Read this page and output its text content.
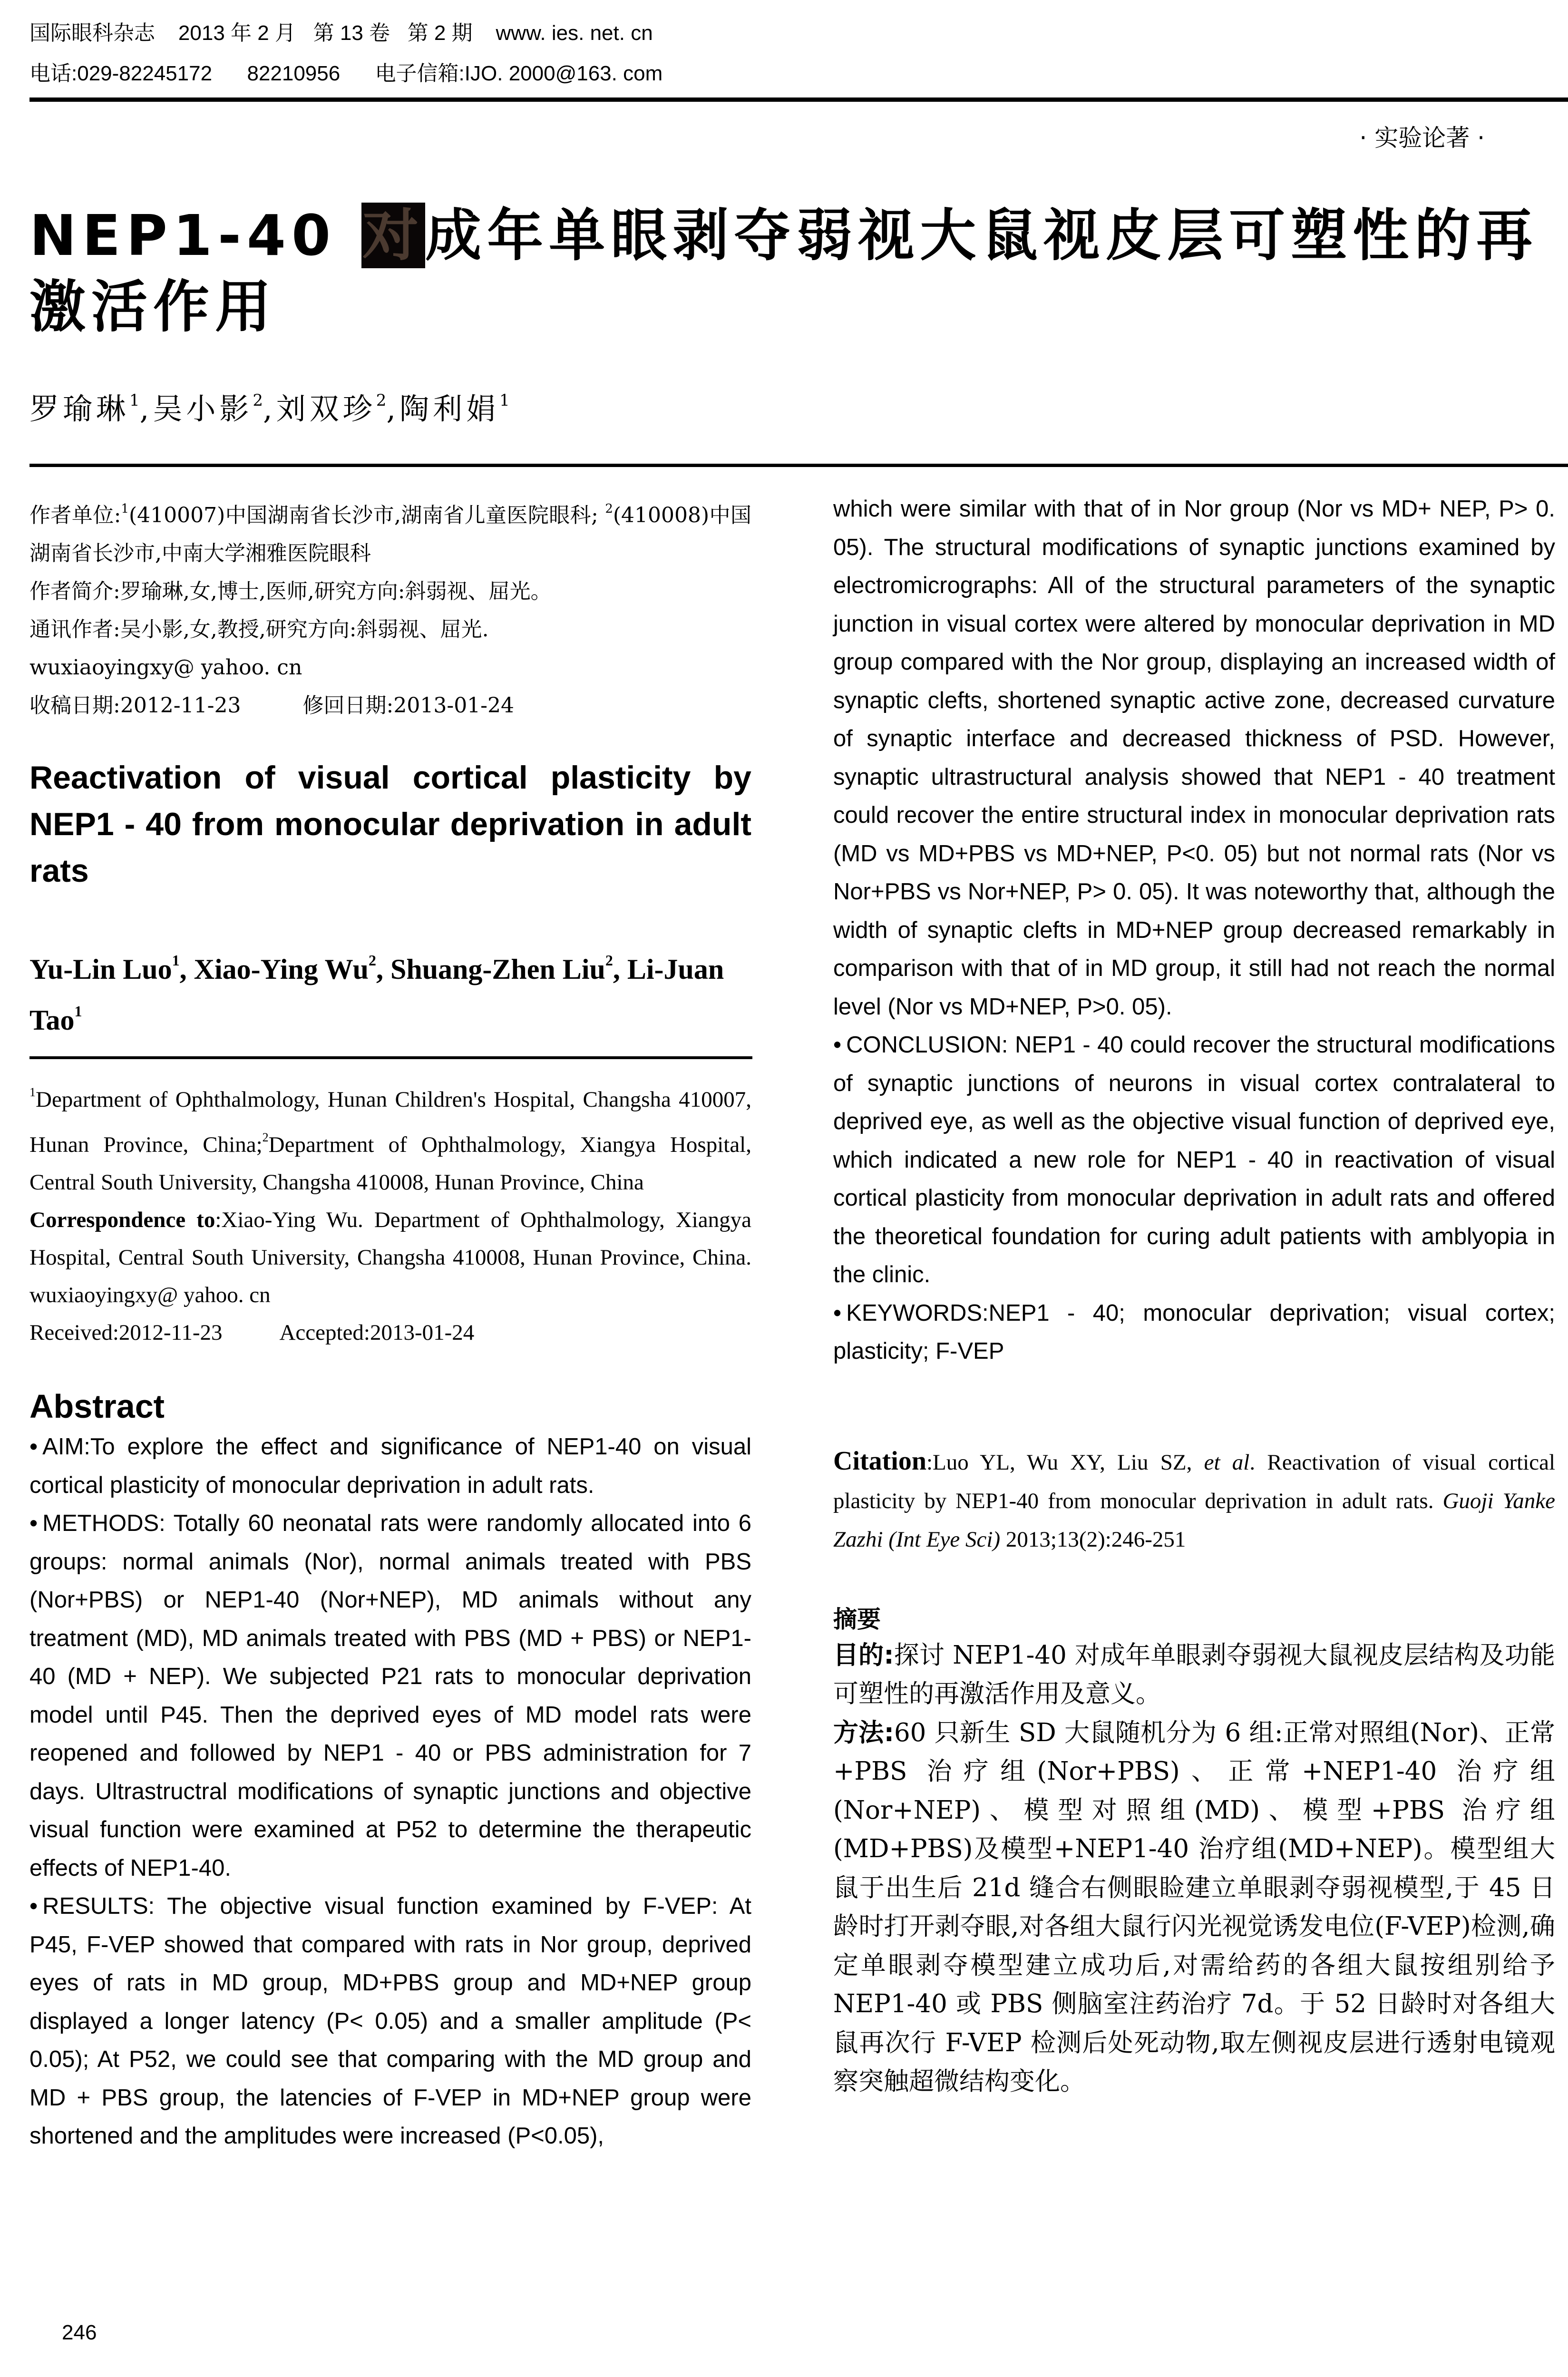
国际眼科杂志 2013 年 2 月 第 13 卷 第 2 期 www. ies. net. cn
电话:029-82245172 82210956 电子信箱:IJO. 2000@163. com
· 实验论著 ·
NEP1-40 对成年单眼剥夺弱视大鼠视皮层可塑性的再激活作用
罗瑜琳$^1$,吴小影$^2$,刘双珍$^2$,陶利娟$^1$

作者单位:$^1$(410007)中国湖南省长沙市,湖南省儿童医院眼科; $^2$(410008)中国湖南省长沙市,中南大学湘雅医院眼科

作者简介:罗瑜琳,女,博士,医师,研究方向:斜弱视、屈光。

通讯作者:吴小影,女,教授,研究方向:斜弱视、屈光.

wuxiaoyingxy@ yahoo. cn

收稿日期:2012-11-23	修回日期:2013-01-24

Reactivation of visual cortical plasticity by NEP1 - 40 from monocular deprivation in adult rats
Yu-Lin Luo$^1$, Xiao-Ying Wu$^2$, Shuang-Zhen Liu$^2$, Li-Juan Tao$^1$

$^1$Department of Ophthalmology, Hunan Children's Hospital, Changsha 410007, Hunan Province, China;$^2$Department of Ophthalmology, Xiangya Hospital, Central South University, Changsha 410008, Hunan Province, China

Correspondence to:Xiao-Ying Wu. Department of Ophthalmology, Xiangya Hospital, Central South University, Changsha 410008, Hunan Province, China. wuxiaoyingxy@ yahoo. cn

Received:2012-11-23	Accepted:2013-01-24

Abstract

• AIM:To explore the effect and significance of NEP1-40 on visual cortical plasticity of monocular deprivation in adult rats.

• METHODS: Totally 60 neonatal rats were randomly allocated into 6 groups: normal animals (Nor), normal animals treated with PBS (Nor+PBS) or NEP1-40 (Nor+NEP), MD animals without any treatment (MD), MD animals treated with PBS (MD + PBS) or NEP1-40 (MD + NEP). We subjected P21 rats to monocular deprivation model until P45. Then the deprived eyes of MD model rats were reopened and followed by NEP1 - 40 or PBS administration for 7 days. Ultrastructral modifications of synaptic junctions and objective visual function were examined at P52 to determine the therapeutic effects of NEP1-40.

• RESULTS: The objective visual function examined by F-VEP: At P45, F-VEP showed that compared with rats in Nor group, deprived eyes of rats in MD group, MD+PBS group and MD+NEP group displayed a longer latency (P< 0.05) and a smaller amplitude (P< 0.05); At P52, we could see that comparing with the MD group and MD + PBS group, the latencies of F-VEP in MD+NEP group were shortened and the amplitudes were increased (P<0.05),

246

which were similar with that of in Nor group (Nor vs MD+ NEP, P> 0. 05). The structural modifications of synaptic junctions examined by electromicrographs: All of the structural parameters of the synaptic junction in visual cortex were altered by monocular deprivation in MD group compared with the Nor group, displaying an increased width of synaptic clefts, shortened synaptic active zone, decreased curvature of synaptic interface and decreased thickness of PSD. However, synaptic ultrastructural analysis showed that NEP1 - 40 treatment could recover the entire structural index in monocular deprivation rats (MD vs MD+PBS vs MD+NEP, P<0. 05) but not normal rats (Nor vs Nor+PBS vs Nor+NEP, P> 0. 05). It was noteworthy that, although the width of synaptic clefts in MD+NEP group decreased remarkably in comparison with that of in MD group, it still had not reach the normal level (Nor vs MD+NEP, P>0. 05).

• CONCLUSION: NEP1 - 40 could recover the structural modifications of synaptic junctions of neurons in visual cortex contralateral to deprived eye, as well as the objective visual function of deprived eye, which indicated a new role for NEP1 - 40 in reactivation of visual cortical plasticity from monocular deprivation in adult rats and offered the theoretical foundation for curing adult patients with amblyopia in the clinic.

• KEYWORDS:NEP1 - 40; monocular deprivation; visual cortex; plasticity; F-VEP

Citation:Luo YL, Wu XY, Liu SZ, et al. Reactivation of visual cortical plasticity by NEP1-40 from monocular deprivation in adult rats. Guoji Yanke Zazhi (Int Eye Sci) 2013;13(2):246-251

摘要

目的:探讨 NEP1-40 对成年单眼剥夺弱视大鼠视皮层结构及功能可塑性的再激活作用及意义。

方法:60 只新生 SD 大鼠随机分为 6 组:正常对照组(Nor)、正常+PBS 治疗组(Nor+PBS)、正常+NEP1-40 治疗组(Nor+NEP)、模型对照组(MD)、模型+PBS 治疗组(MD+PBS)及模型+NEP1-40 治疗组(MD+NEP)。模型组大鼠于出生后 21d 缝合右侧眼睑建立单眼剥夺弱视模型,于 45 日龄时打开剥夺眼,对各组大鼠行闪光视觉诱发电位(F-VEP)检测,确定单眼剥夺模型建立成功后,对需给药的各组大鼠按组别给予 NEP1-40 或 PBS 侧脑室注药治疗 7d。于 52 日龄时对各组大鼠再次行 F-VEP 检测后处死动物,取左侧视皮层进行透射电镜观察突触超微结构变化。
